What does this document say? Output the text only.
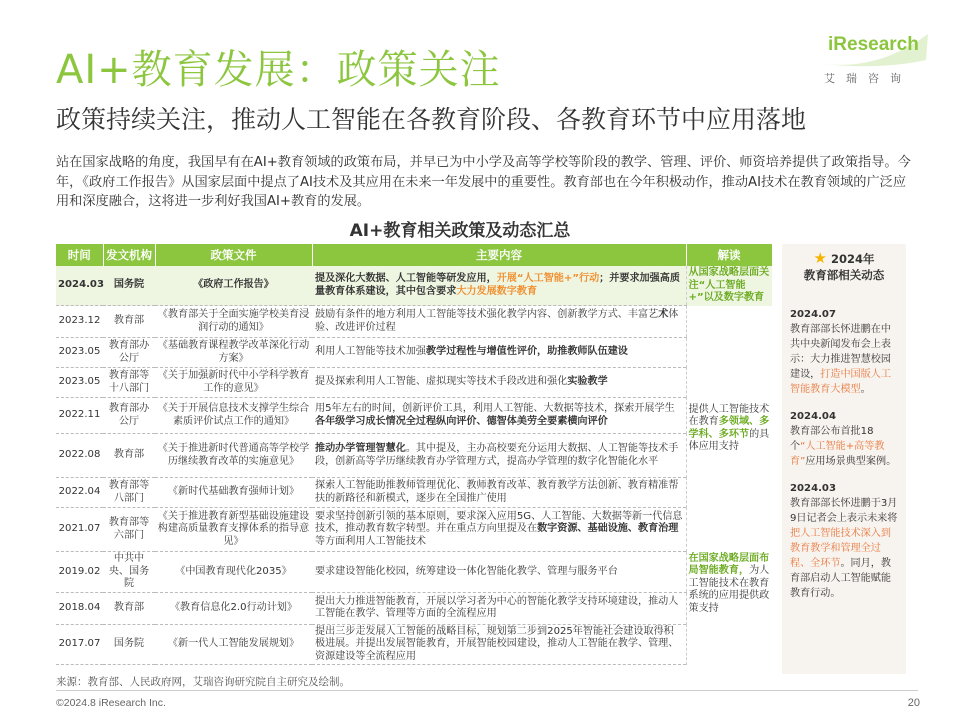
AI+教育发展：政策关注
政策持续关注，推动人工智能在各教育阶段、各教育环节中应用落地
iResearch
艾瑞咨询
站在国家战略的角度，我国早有在AI+教育领域的政策布局，并早已为中小学及高等学校等阶段的教学、管理、评价、师资培养提供了政策指导。今年，《政府工作报告》从国家层面中提点了AI技术及其应用在未来一年发展中的重要性。教育部也在今年积极动作，推动AI技术在教育领域的广泛应用和深度融合，这将进一步利好我国AI+教育的发展。
AI+教育相关政策及动态汇总
时间	发文机构	政策文件	主要内容	解读
2024.03	国务院	《政府工作报告》	提及深化大数据、人工智能等研发应用，开展“人工智能+”行动；并要求加强高质量教育体系建设，其中包含要求大力发展数字教育	从国家战略层面关注“人工智能+”以及数字教育
2023.12	教育部	《教育部关于全面实施学校美育浸润行动的通知》	鼓励有条件的地方利用人工智能等技术强化教学内容、创新教学方式、丰富艺术体验、改进评价过程	提供人工智能技术在教育多领域、多学科、多环节的具体应用支持
2023.05	教育部办公厅	《基础教育课程教学改革深化行动方案》	利用人工智能等技术加强教学过程性与增值性评价，助推教师队伍建设	
2023.05	教育部等十八部门	《关于加强新时代中小学科学教育工作的意见》	提及探索利用人工智能、虚拟现实等技术手段改进和强化实验教学	
2022.11	教育部办公厅	《关于开展信息技术支撑学生综合素质评价试点工作的通知》	用5年左右的时间，创新评价工具，利用人工智能、大数据等技术，探索开展学生各年级学习成长情况全过程纵向评价、德智体美劳全要素横向评价	
2022.08	教育部	《关于推进新时代普通高等学校学历继续教育改革的实施意见》	推动办学管理智慧化。其中提及，主办高校要充分运用大数据、人工智能等技术手段，创新高等学历继续教育办学管理方式，提高办学管理的数字化智能化水平	
2022.04	教育部等八部门	《新时代基础教育强师计划》	探索人工智能助推教师管理优化、教师教育改革、教育教学方法创新、教育精准帮扶的新路径和新模式，逐步在全国推广使用	
2021.07	教育部等六部门	《关于推进教育新型基础设施建设构建高质量教育支撑体系的指导意见》	要求坚持创新引领的基本原则，要求深入应用5G、人工智能、大数据等新一代信息技术，推动教育数字转型。并在重点方向里提及在数字资源、基础设施、教育治理等方面利用人工智能技术	
2019.02	中共中央、国务院	《中国教育现代化2035》	要求建设智能化校园，统筹建设一体化智能化教学、管理与服务平台	在国家战略层面布局智能教育，为人工智能技术在教育系统的应用提供政策支持
2018.04	教育部	《教育信息化2.0行动计划》	提出大力推进智能教育，开展以学习者为中心的智能化教学支持环境建设，推动人工智能在教学、管理等方面的全流程应用	
2017.07	国务院	《新一代人工智能发展规划》	提出三步走发展人工智能的战略目标，规划第二步到2025年智能社会建设取得积极进展。并提出发展智能教育，开展智能校园建设，推动人工智能在教学、管理、资源建设等全流程应用	
★ 2024年
教育部相关动态
2024.07
教育部部长怀进鹏在中共中央新闻发布会上表示：大力推进智慧校园建设，打造中国版人工智能教育大模型。
2024.04
教育部公布首批18个“人工智能+高等教育”应用场景典型案例。
2024.03
教育部部长怀进鹏于3月9日记者会上表示未来将把人工智能技术深入到教育教学和管理全过程、全环节。同月，教育部启动人工智能赋能教育行动。
来源：教育部、人民政府网，艾瑞咨询研究院自主研究及绘制。
©2024.8 iResearch Inc.	20
